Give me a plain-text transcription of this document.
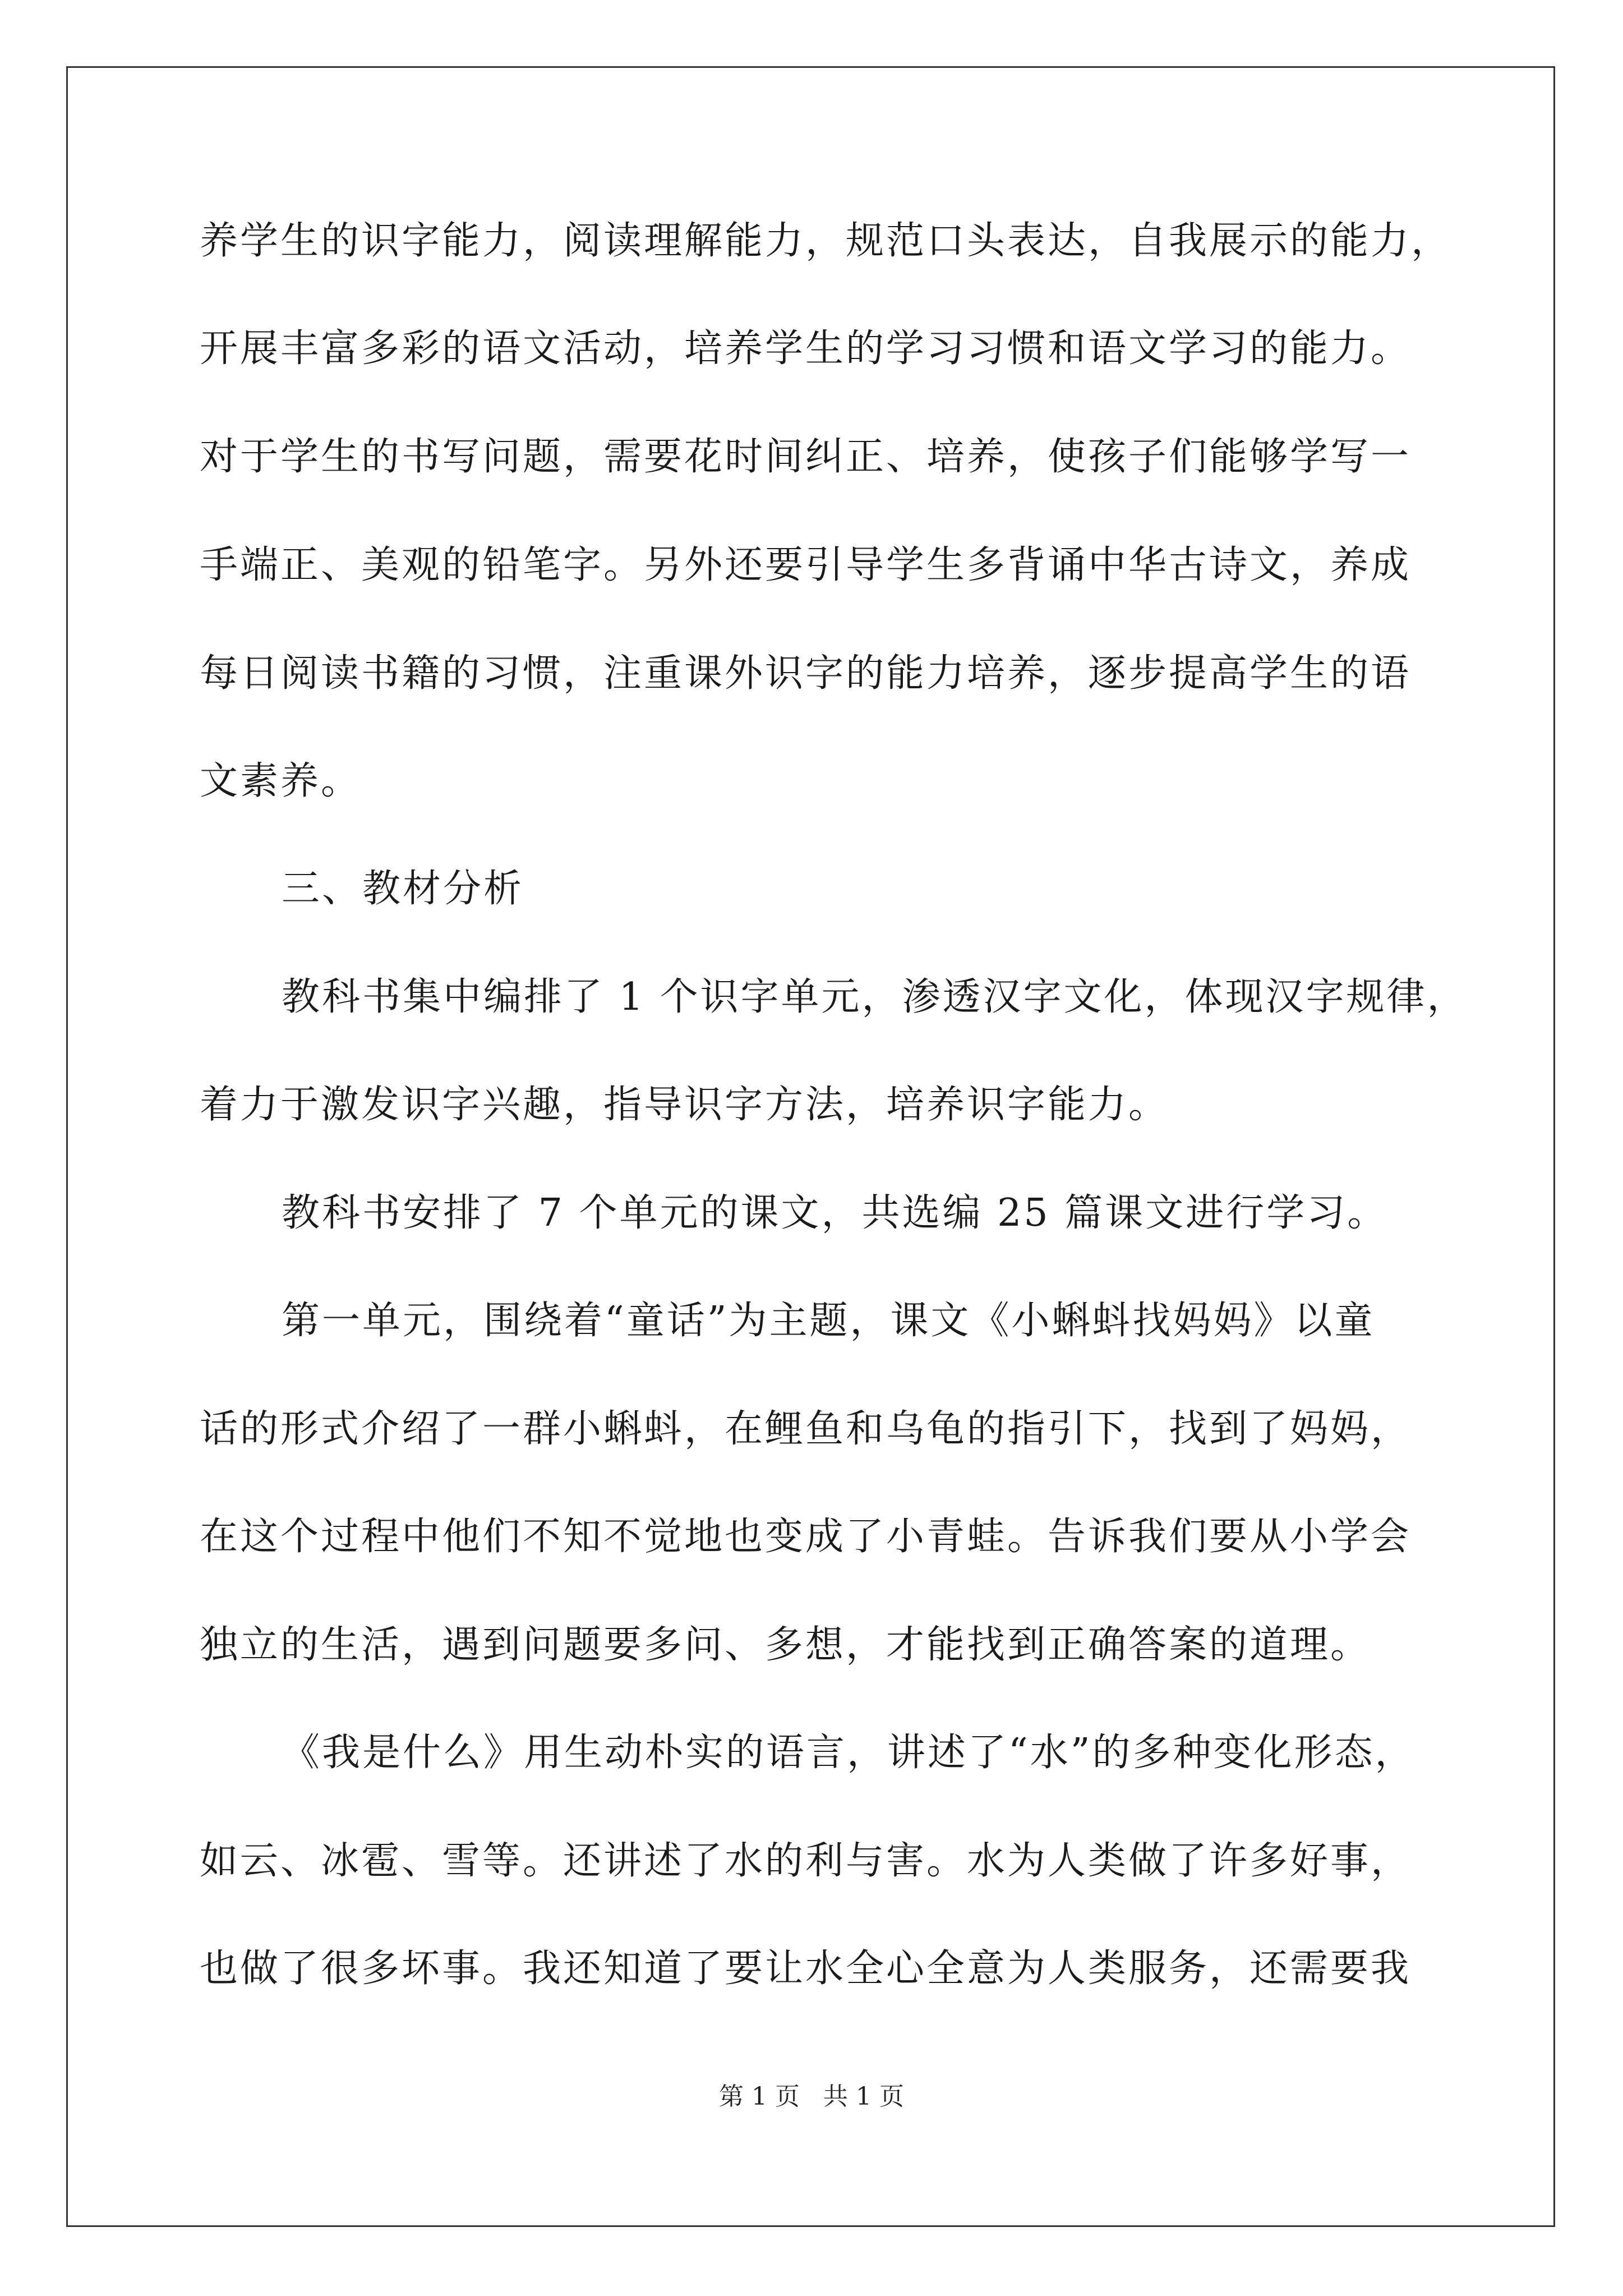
养学生的识字能力，阅读理解能力，规范口头表达，自我展示的能力，
开展丰富多彩的语文活动，培养学生的学习习惯和语文学习的能力。
对于学生的书写问题，需要花时间纠正、培养，使孩子们能够学写一
手端正、美观的铅笔字。另外还要引导学生多背诵中华古诗文，养成
每日阅读书籍的习惯，注重课外识字的能力培养，逐步提高学生的语
文素养。
三、教材分析
教科书集中编排了 1 个识字单元，渗透汉字文化，体现汉字规律，
着力于激发识字兴趣，指导识字方法，培养识字能力。
教科书安排了 7 个单元的课文，共选编 25 篇课文进行学习。
第一单元，围绕着“童话”为主题，课文《小蝌蚪找妈妈》以童
话的形式介绍了一群小蝌蚪，在鲤鱼和乌龟的指引下，找到了妈妈，
在这个过程中他们不知不觉地也变成了小青蛙。告诉我们要从小学会
独立的生活，遇到问题要多问、多想，才能找到正确答案的道理。
《我是什么》用生动朴实的语言，讲述了“水”的多种变化形态，
如云、冰雹、雪等。还讲述了水的利与害。水为人类做了许多好事，
也做了很多坏事。我还知道了要让水全心全意为人类服务，还需要我
第 1 页   共 1 页
